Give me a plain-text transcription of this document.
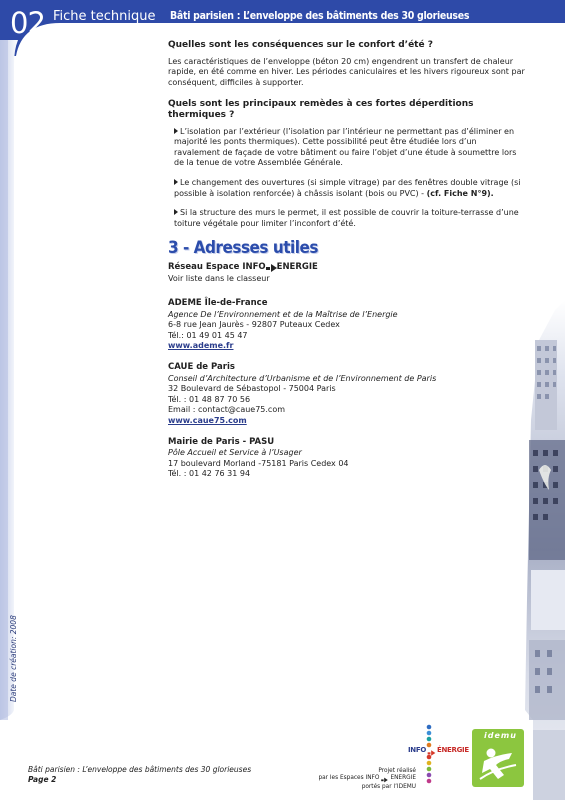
02 Fiche technique Bâti parisien : L’enveloppe des bâtiments des 30 glorieuses
Date de création: 2008
Quelles sont les conséquences sur le confort d’été ?
Les caractéristiques de l’enveloppe (béton 20 cm) engendrent un transfert de chaleur rapide, en été comme en hiver. Les périodes caniculaires et les hivers rigoureux sont par conséquent, difficiles à supporter.
Quels sont les principaux remèdes à ces fortes déperditions thermiques ?
L’isolation par l’extérieur (l’isolation par l’intérieur ne permettant pas d’éliminer en majorité les ponts thermiques). Cette possibilité peut être étudiée lors d’un ravalement de façade de votre bâtiment ou faire l’objet d’une étude à soumettre lors de la tenue de votre Assemblée Générale.
Le changement des ouvertures (si simple vitrage) par des fenêtres double vitrage (si possible à isolation renforcée) à châssis isolant (bois ou PVC) - (cf. Fiche N°9).
Si la structure des murs le permet, il est possible de couvrir la toiture-terrasse d’une toiture végétale pour limiter l’inconfort d’été.
3 - Adresses utiles
Réseau Espace INFO ENERGIE
Voir liste dans le classeur
ADEME Île-de-France
Agence De l’Environnement et de la Maîtrise de l’Energie
6-8 rue Jean Jaurès - 92807 Puteaux Cedex
Tél.: 01 49 01 45 47
www.ademe.fr
CAUE de Paris
Conseil d’Architecture d’Urbanisme et de l’Environnement de Paris
32 Boulevard de Sébastopol - 75004 Paris
Tél. : 01 48 87 70 56
Email : contact@caue75.com
www.caue75.com
Mairie de Paris - PASU
Pôle Accueil et Service à l’Usager
17 boulevard Morland -75181 Paris Cedex 04
Tél. : 01 42 76 31 94
Bâti parisien : L’enveloppe des bâtiments des 30 glorieuses
Page 2
Projet réalisé
par les Espaces INFO ENERGIE
portés par l’IDEMU
INFO ÉNERGIE
idemu
